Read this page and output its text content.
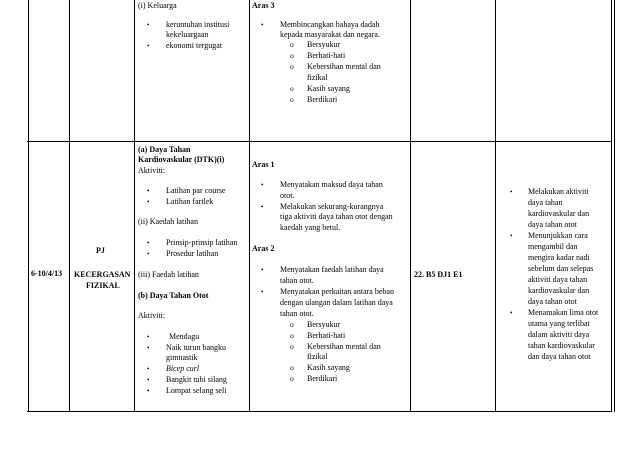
(i) Keluarga
• keruntuhan institusi kekeluargaan
• ekonomi tergugat
Aras 3
• Membincangkan bahaya dadah
kepada masyarakat dan negara.
o Bersyukur
o Berhati-hati
o Kebersihan mental dan
fizikal
o Kasih sayang
o Berdikari
6-10/4/13
PJ
KECERGASAN
FIZIKAL
(a) Daya Tahan
Kardiovaskular (DTK)(i)
Aktiviti:
• Latihan par course
• Latihan fartlek
(ii) Kaedah latihan
• Prinsip-prinsip latihan
• Prosedur latihan
(iii) Faedah latihan
(b) Daya Tahan Otot
Aktiviti:
• Mendagu
• Naik turun bangku
gimnastik
• Bicep curl
• Bangkit tubi silang
• Lompat selang seli
Aras 1
• Menyatakan maksud daya tahan
otot.
• Melakukan sekurang-kurangnya
tiga aktiviti daya tahan otot dengan
kaedah yang betul.
Aras 2
• Menyatakan faedah latihan daya
tahan otot.
• Menyatakan perkaitan antara beban
dengan ulangan dalam latihan daya
tahan otot.
o Bersyukur
o Berhati-hati
o Kebersihan mental dan
fizikal
o Kasih sayang
o Berdikari
22. B5 DJ1 E1
• Melakukan aktiviti
daya tahan
kardiovaskular dan
daya tahan otot
• Menunjukkan cara
mengambil dan
mengira kadar nadi
sebelum dan selepas
aktiviti daya tahan
kardiovaskular dan
daya tahan otot
• Menamakan lima otot
utama yang terlibat
dalam aktiviti daya
tahan kardiovaskular
dan daya tahan otot
